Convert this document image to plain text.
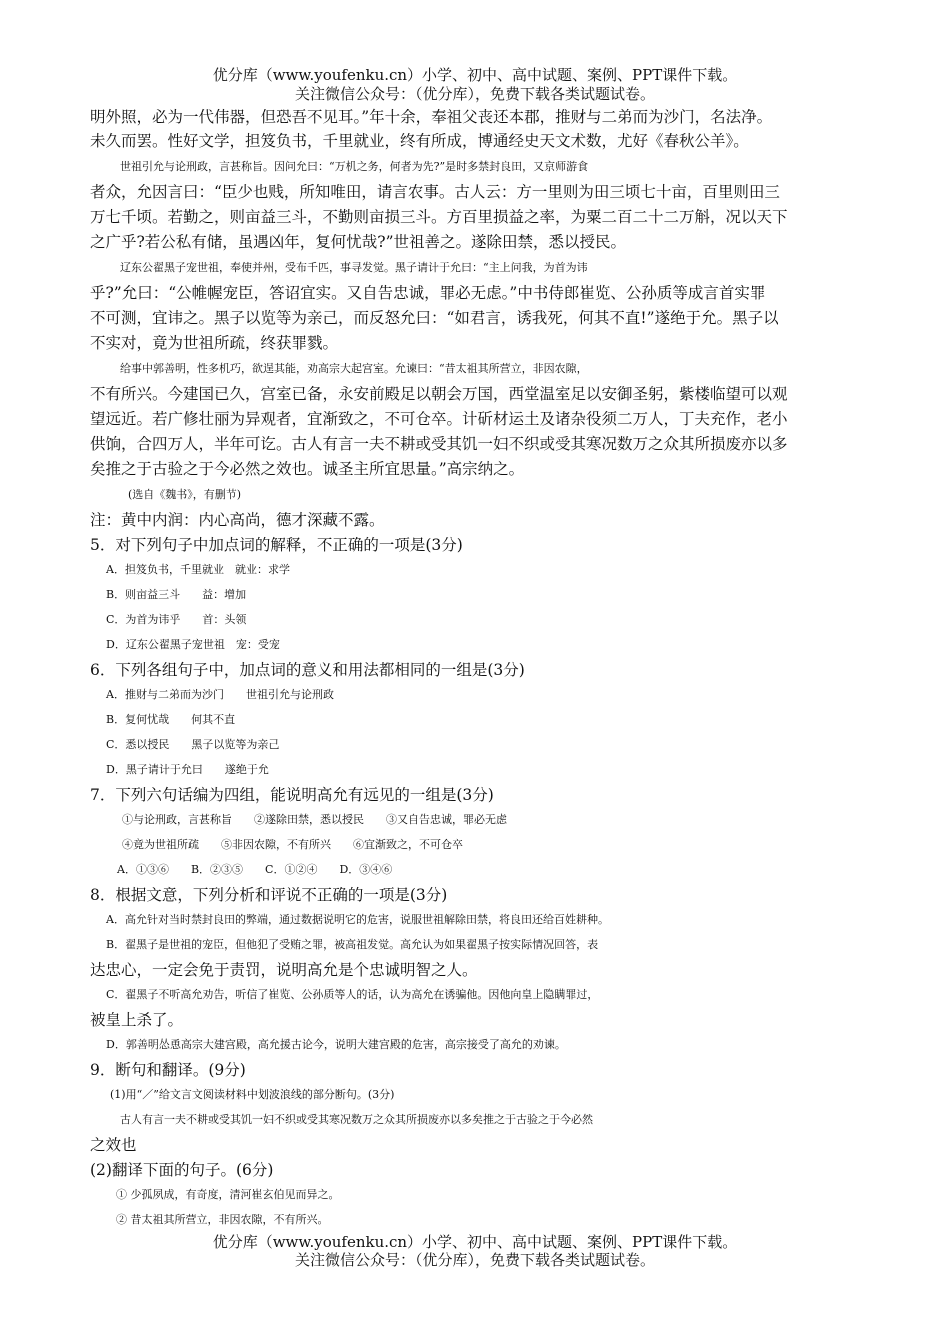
优分库（www.youfenku.cn）小学、初中、高中试题、案例、PPT课件下载。
关注微信公众号：（优分库），免费下载各类试题试卷。
明外照，必为一代伟器，但恐吾不见耳。”年十余，奉祖父丧还本郡，推财与二弟而为沙门，名法净。
未久而罢。性好文学，担笈负书，千里就业，终有所成，博通经史天文术数，尤好《春秋公羊》。
世祖引允与论刑政，言甚称旨。因问允曰：“万机之务，何者为先?”是时多禁封良田，又京师游食
者众，允因言曰：“臣少也贱，所知唯田，请言农事。古人云：方一里则为田三顷七十亩，百里则田三
万七千顷。若勤之，则亩益三斗，不勤则亩损三斗。方百里损益之率，为粟二百二十二万斛，况以天下
之广乎?若公私有储，虽遇凶年，复何忧哉?”世祖善之。遂除田禁，悉以授民。
辽东公翟黑子宠世祖，奉使并州，受布千匹，事寻发觉。黑子请计于允曰：“主上问我，为首为讳
乎?”允曰：“公帷幄宠臣，答诏宜实。又自告忠诚，罪必无虑。”中书侍郎崔览、公孙质等成言首实罪
不可测，宜讳之。黑子以览等为亲己，而反怒允曰：“如君言，诱我死，何其不直!”遂绝于允。黑子以
不实对，竟为世祖所疏，终获罪戮。
给事中郭善明，性多机巧，欲逞其能，劝高宗大起宫室。允谏曰：“昔太祖其所营立，非因农隙，
不有所兴。今建国已久，宫室已备，永安前殿足以朝会万国，西堂温室足以安御圣躬，紫楼临望可以观
望远近。若广修壮丽为异观者，宜渐致之，不可仓卒。计斫材运土及诸杂役须二万人，丁夫充作，老小
供饷，合四万人，半年可讫。古人有言一夫不耕或受其饥一妇不织或受其寒况数万之众其所损废亦以多
矣推之于古验之于今必然之效也。诚圣主所宜思量。”高宗纳之。
(选自《魏书》，有删节)
注：黄中内润：内心高尚，德才深藏不露。
5．对下列句子中加点词的解释，不正确的一项是(3分)
A．担笈负书，千里就业　就业：求学
B．则亩益三斗　　益：增加
C．为首为讳乎　　首：头领
D．辽东公翟黑子宠世祖　宠：受宠
6．下列各组句子中，加点词的意义和用法都相同的一组是(3分)
A．推财与二弟而为沙门　　世祖引允与论刑政
B．复何忧哉　　何其不直
C．悉以授民　　黑子以览等为亲己
D．黑子请计于允曰　　遂绝于允
7．下列六句话编为四组，能说明高允有远见的一组是(3分)
①与论刑政，言甚称旨　　②遂除田禁，悉以授民　　③又自告忠诚，罪必无虑
④竟为世祖所疏　　⑤非因农隙，不有所兴　　⑥宜渐致之，不可仓卒
A．①③⑥　　B．②③⑤　　C．①②④　　D．③④⑥
8．根据文意，下列分析和评说不正确的一项是(3分)
A．高允针对当时禁封良田的弊端，通过数据说明它的危害，说服世祖解除田禁，将良田还给百姓耕种。
B．翟黑子是世祖的宠臣，但他犯了受贿之罪，被高祖发觉。高允认为如果翟黑子按实际情况回答，表
达忠心，一定会免于责罚，说明高允是个忠诚明智之人。
C．翟黑子不听高允劝告，听信了崔览、公孙质等人的话，认为高允在诱骗他。因他向皇上隐瞒罪过，
被皇上杀了。
D．郭善明怂恿高宗大建宫殿，高允援古论今，说明大建宫殿的危害，高宗接受了高允的劝谏。
9．断句和翻译。(9分)
(1)用“／”给文言文阅读材料中划波浪线的部分断句。(3分)
古人有言一夫不耕或受其饥一妇不织或受其寒况数万之众其所损废亦以多矣推之于古验之于今必然
之效也
(2)翻译下面的句子。(6分)
① 少孤夙成，有奇度，清河崔玄伯见而异之。
② 昔太祖其所营立，非因农隙，不有所兴。
优分库（www.youfenku.cn）小学、初中、高中试题、案例、PPT课件下载。
关注微信公众号：（优分库），免费下载各类试题试卷。
